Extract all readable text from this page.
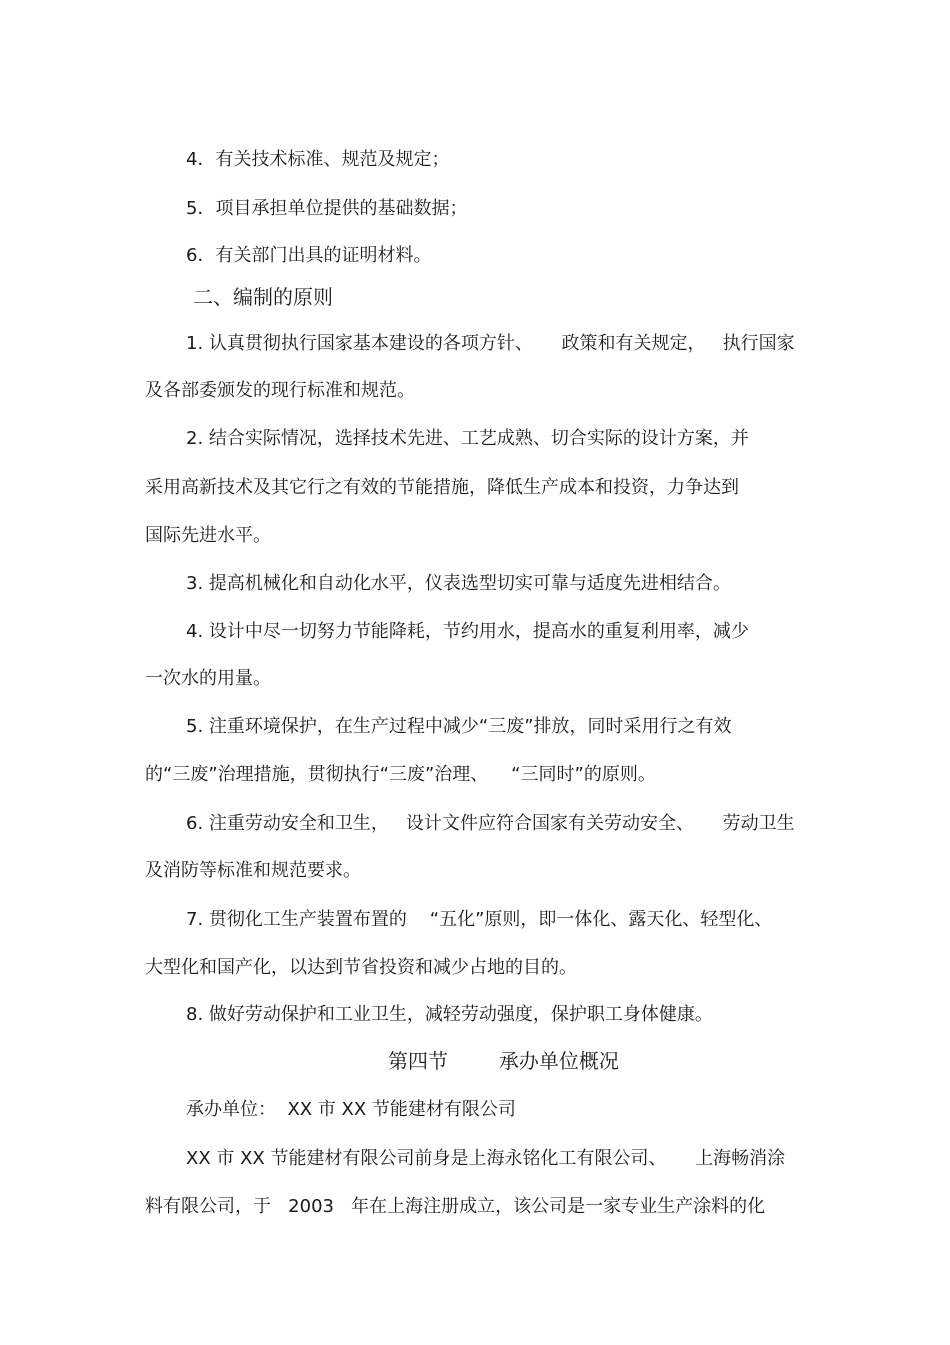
4．有关技术标准、规范及规定；
5．项目承担单位提供的基础数据；
6．有关部门出具的证明材料。
二、编制的原则
1. 认真贯彻执行国家基本建设的各项方针、     政策和有关规定，   执行国家
及各部委颁发的现行标准和规范。
2. 结合实际情况，选择技术先进、工艺成熟、切合实际的设计方案，并
采用高新技术及其它行之有效的节能措施，降低生产成本和投资，力争达到
国际先进水平。
3. 提高机械化和自动化水平，仪表选型切实可靠与适度先进相结合。
4. 设计中尽一切努力节能降耗，节约用水，提高水的重复利用率，减少
一次水的用量。
5. 注重环境保护，在生产过程中减少“三废”排放，同时采用行之有效
的“三废”治理措施，贯彻执行“三废”治理、    “三同时”的原则。
6. 注重劳动安全和卫生，   设计文件应符合国家有关劳动安全、     劳动卫生
及消防等标准和规范要求。
7. 贯彻化工生产装置布置的    “五化”原则，即一体化、露天化、轻型化、
大型化和国产化，以达到节省投资和减少占地的目的。
8. 做好劳动保护和工业卫生，减轻劳动强度，保护职工身体健康。
第四节        承办单位概况
承办单位：  XX 市 XX 节能建材有限公司
XX 市 XX 节能建材有限公司前身是上海永铭化工有限公司、     上海畅消涂
料有限公司，于   2003   年在上海注册成立，该公司是一家专业生产涂料的化
